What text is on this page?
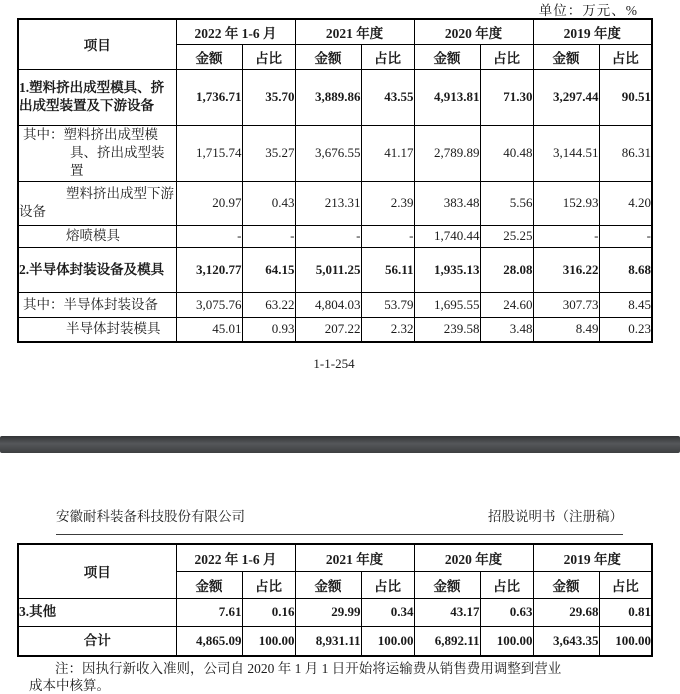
单位：万元、%
项目	2022 年 1-6 月		2021 年度		2020 年度		2019 年度	
	金额	占比	金额	占比	金额	占比	金额	占比
1.塑料挤出成型模具、挤出成型装置及下游设备	1,736.71	35.70	3,889.86	43.55	4,913.81	71.30	3,297.44	90.51
其中：塑料挤出成型模具、挤出成型装置	1,715.74	35.27	3,676.55	41.17	2,789.89	40.48	3,144.51	86.31
塑料挤出成型下游设备	20.97	0.43	213.31	2.39	383.48	5.56	152.93	4.20
熔喷模具	-	-	-	-	1,740.44	25.25	-	-
2.半导体封装设备及模具	3,120.77	64.15	5,011.25	56.11	1,935.13	28.08	316.22	8.68
其中：半导体封装设备	3,075.76	63.22	4,804.03	53.79	1,695.55	24.60	307.73	8.45
半导体封装模具	45.01	0.93	207.22	2.32	239.58	3.48	8.49	0.23
1-1-254
安徽耐科装备科技股份有限公司	招股说明书（注册稿）
项目	2022 年 1-6 月		2021 年度		2020 年度		2019 年度	
	金额	占比	金额	占比	金额	占比	金额	占比
3.其他	7.61	0.16	29.99	0.34	43.17	0.63	29.68	0.81
合计	4,865.09	100.00	8,931.11	100.00	6,892.11	100.00	3,643.35	100.00
注：因执行新收入准则，公司自 2020 年 1 月 1 日开始将运输费从销售费用调整到营业
成本中核算。
